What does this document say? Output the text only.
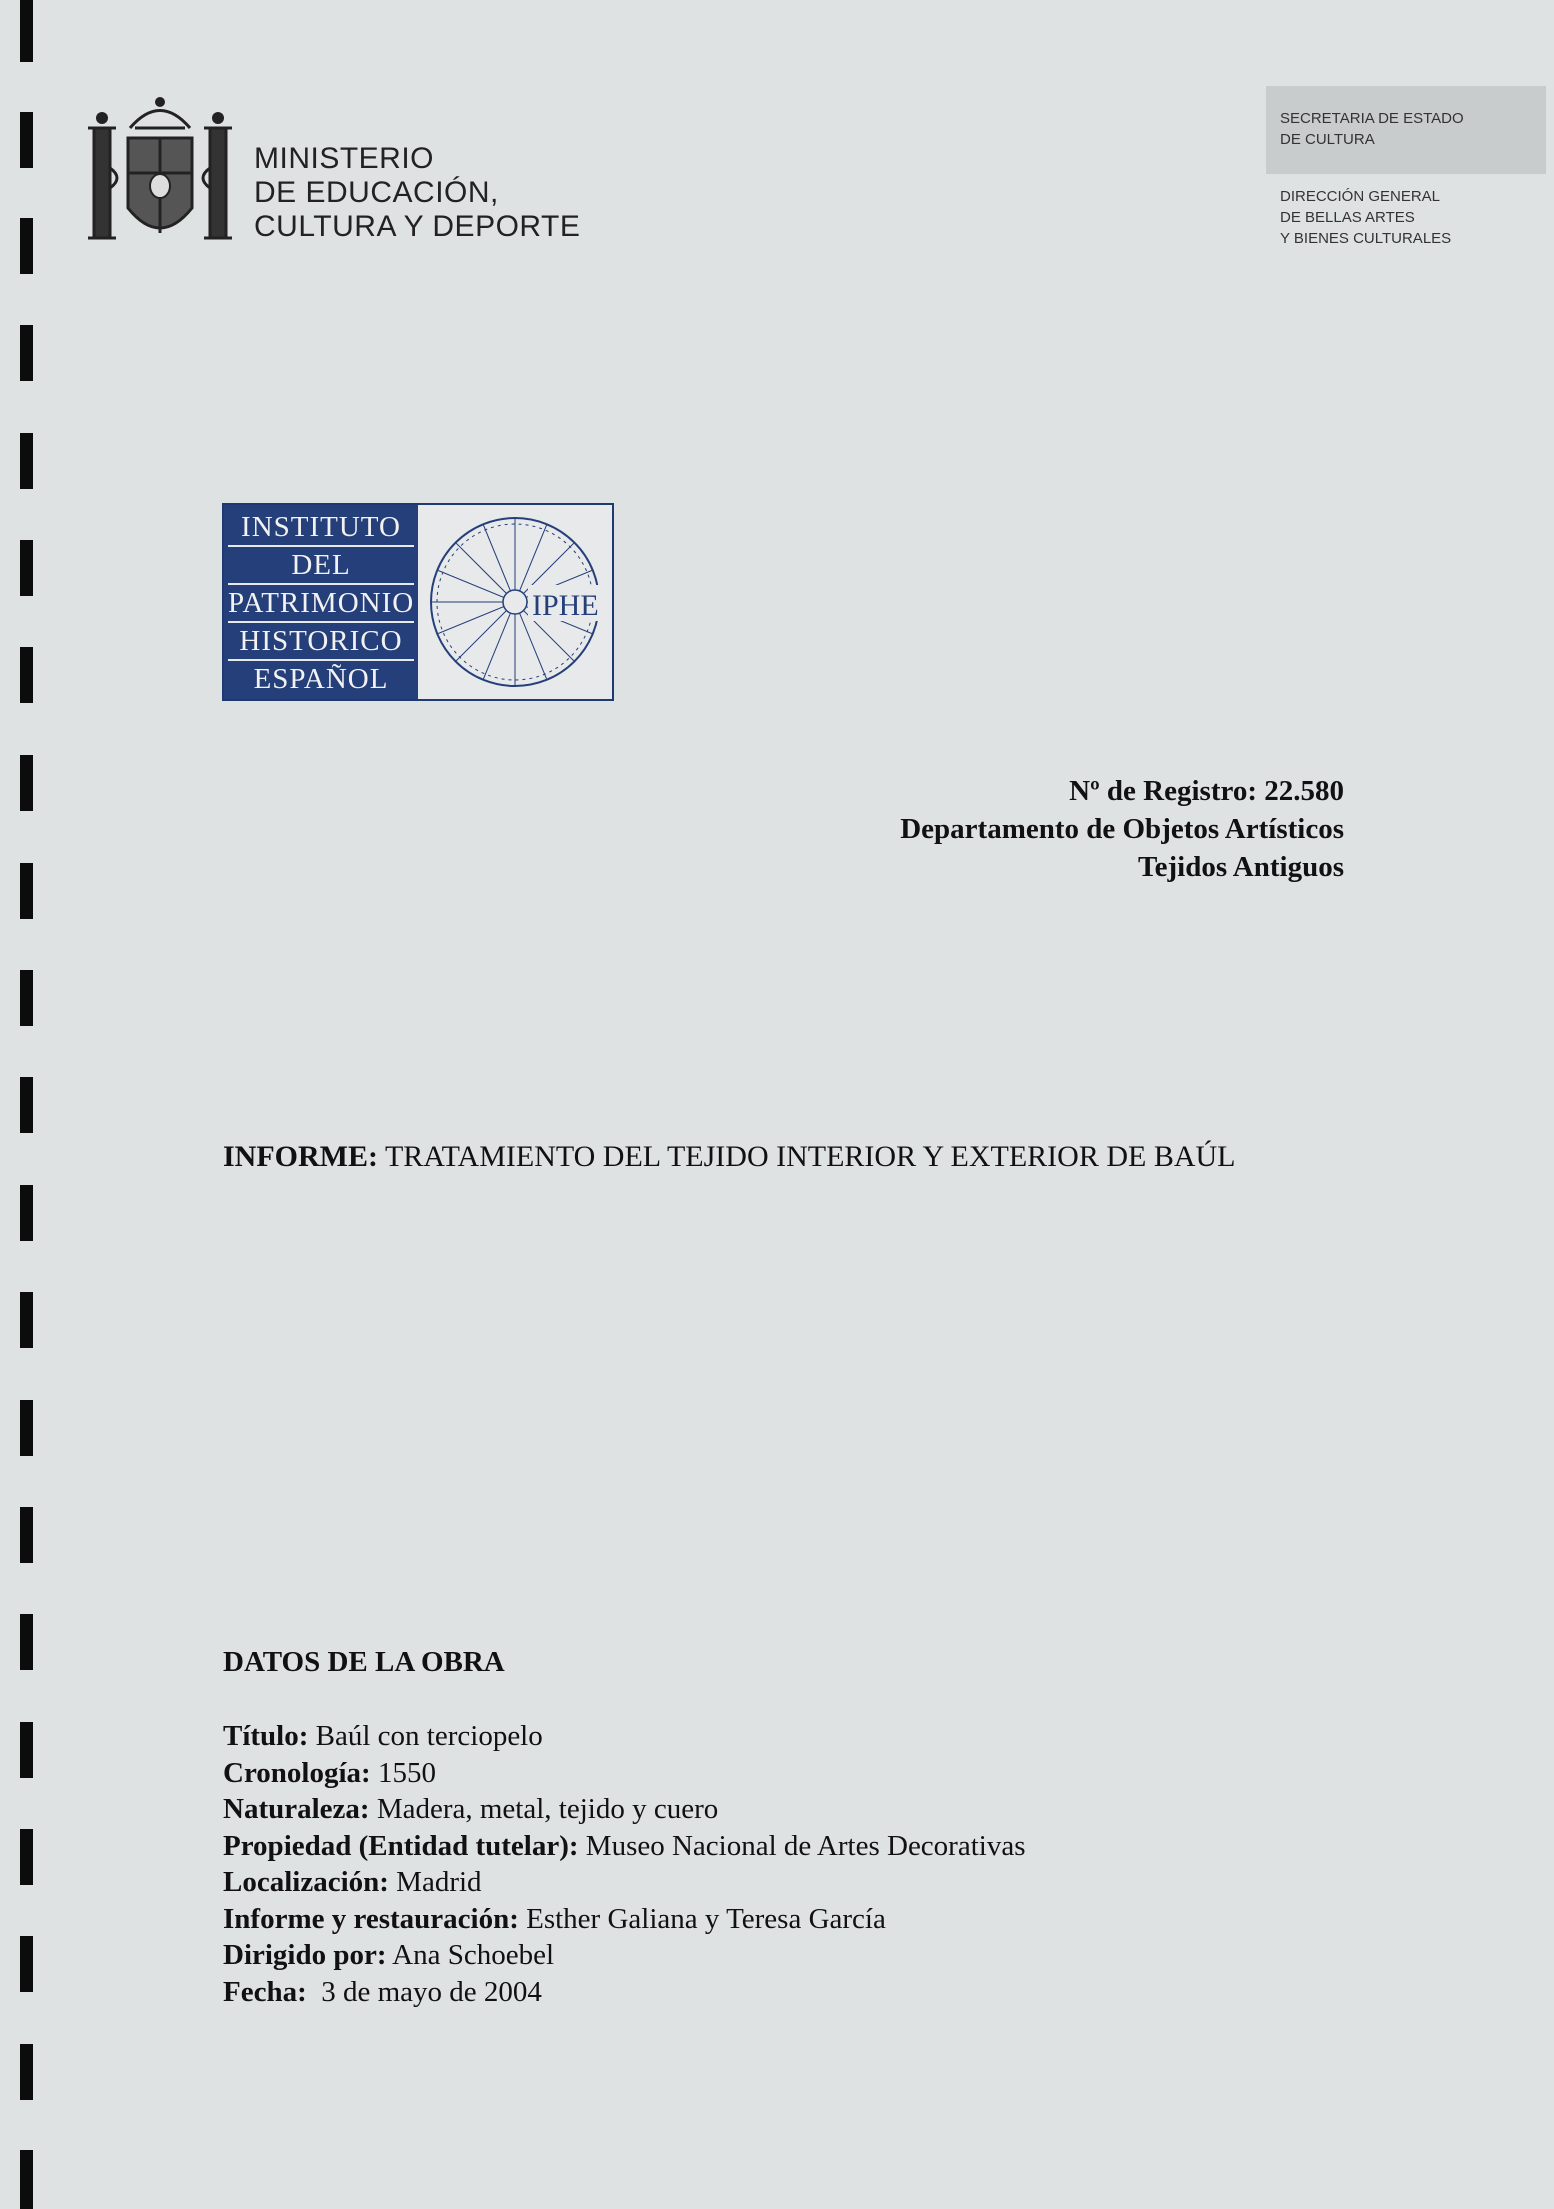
MINISTERIO
DE EDUCACIÓN,
CULTURA Y DEPORTE
SECRETARIA DE ESTADO
DE CULTURA
DIRECCIÓN GENERAL
DE BELLAS ARTES
Y BIENES CULTURALES
INSTITUTO
DEL
PATRIMONIO
HISTORICO
ESPAÑOL
IPHE
Nº de Registro: 22.580
Departamento de Objetos Artísticos
Tejidos Antiguos
INFORME: TRATAMIENTO DEL TEJIDO INTERIOR Y EXTERIOR DE BAÚL
DATOS DE LA OBRA
Título: Baúl con terciopelo
Cronología: 1550
Naturaleza: Madera, metal, tejido y cuero
Propiedad (Entidad tutelar): Museo Nacional de Artes Decorativas
Localización: Madrid
Informe y restauración: Esther Galiana y Teresa García
Dirigido por: Ana Schoebel
Fecha:  3 de mayo de 2004
